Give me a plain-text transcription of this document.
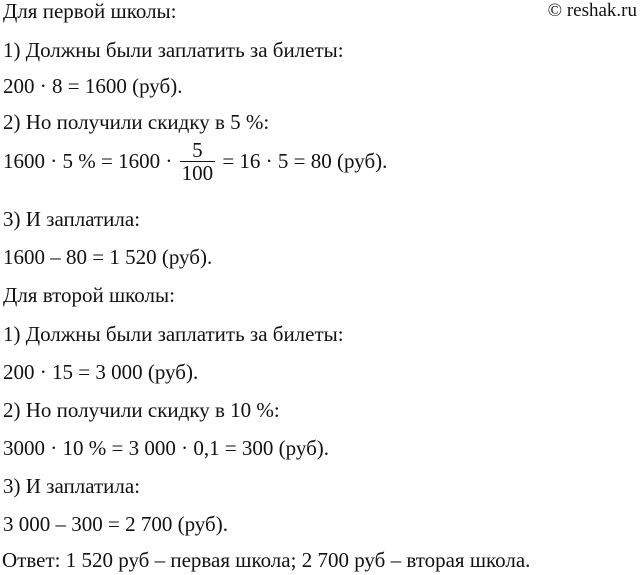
© reshak.ru
Для первой школы:
1) Должны были заплатить за билеты:
200 · 8 = 1600 (руб).
2) Но получили скидку в 5 %:
1600 · 5 % = $1600 \cdot \frac{5}{100} = 16 \cdot 5 = 80$ (руб).
3) И заплатила:
1600 – 80 = 1 520 (руб).
Для второй школы:
1) Должны были заплатить за билеты:
200 · 15 = 3 000 (руб).
2) Но получили скидку в 10 %:
3000 · 10 % = 3 000 · 0,1 = 300 (руб).
3) И заплатила:
3 000 – 300 = 2 700 (руб).
Ответ: 1 520 руб – первая школа; 2 700 руб – вторая школа.
